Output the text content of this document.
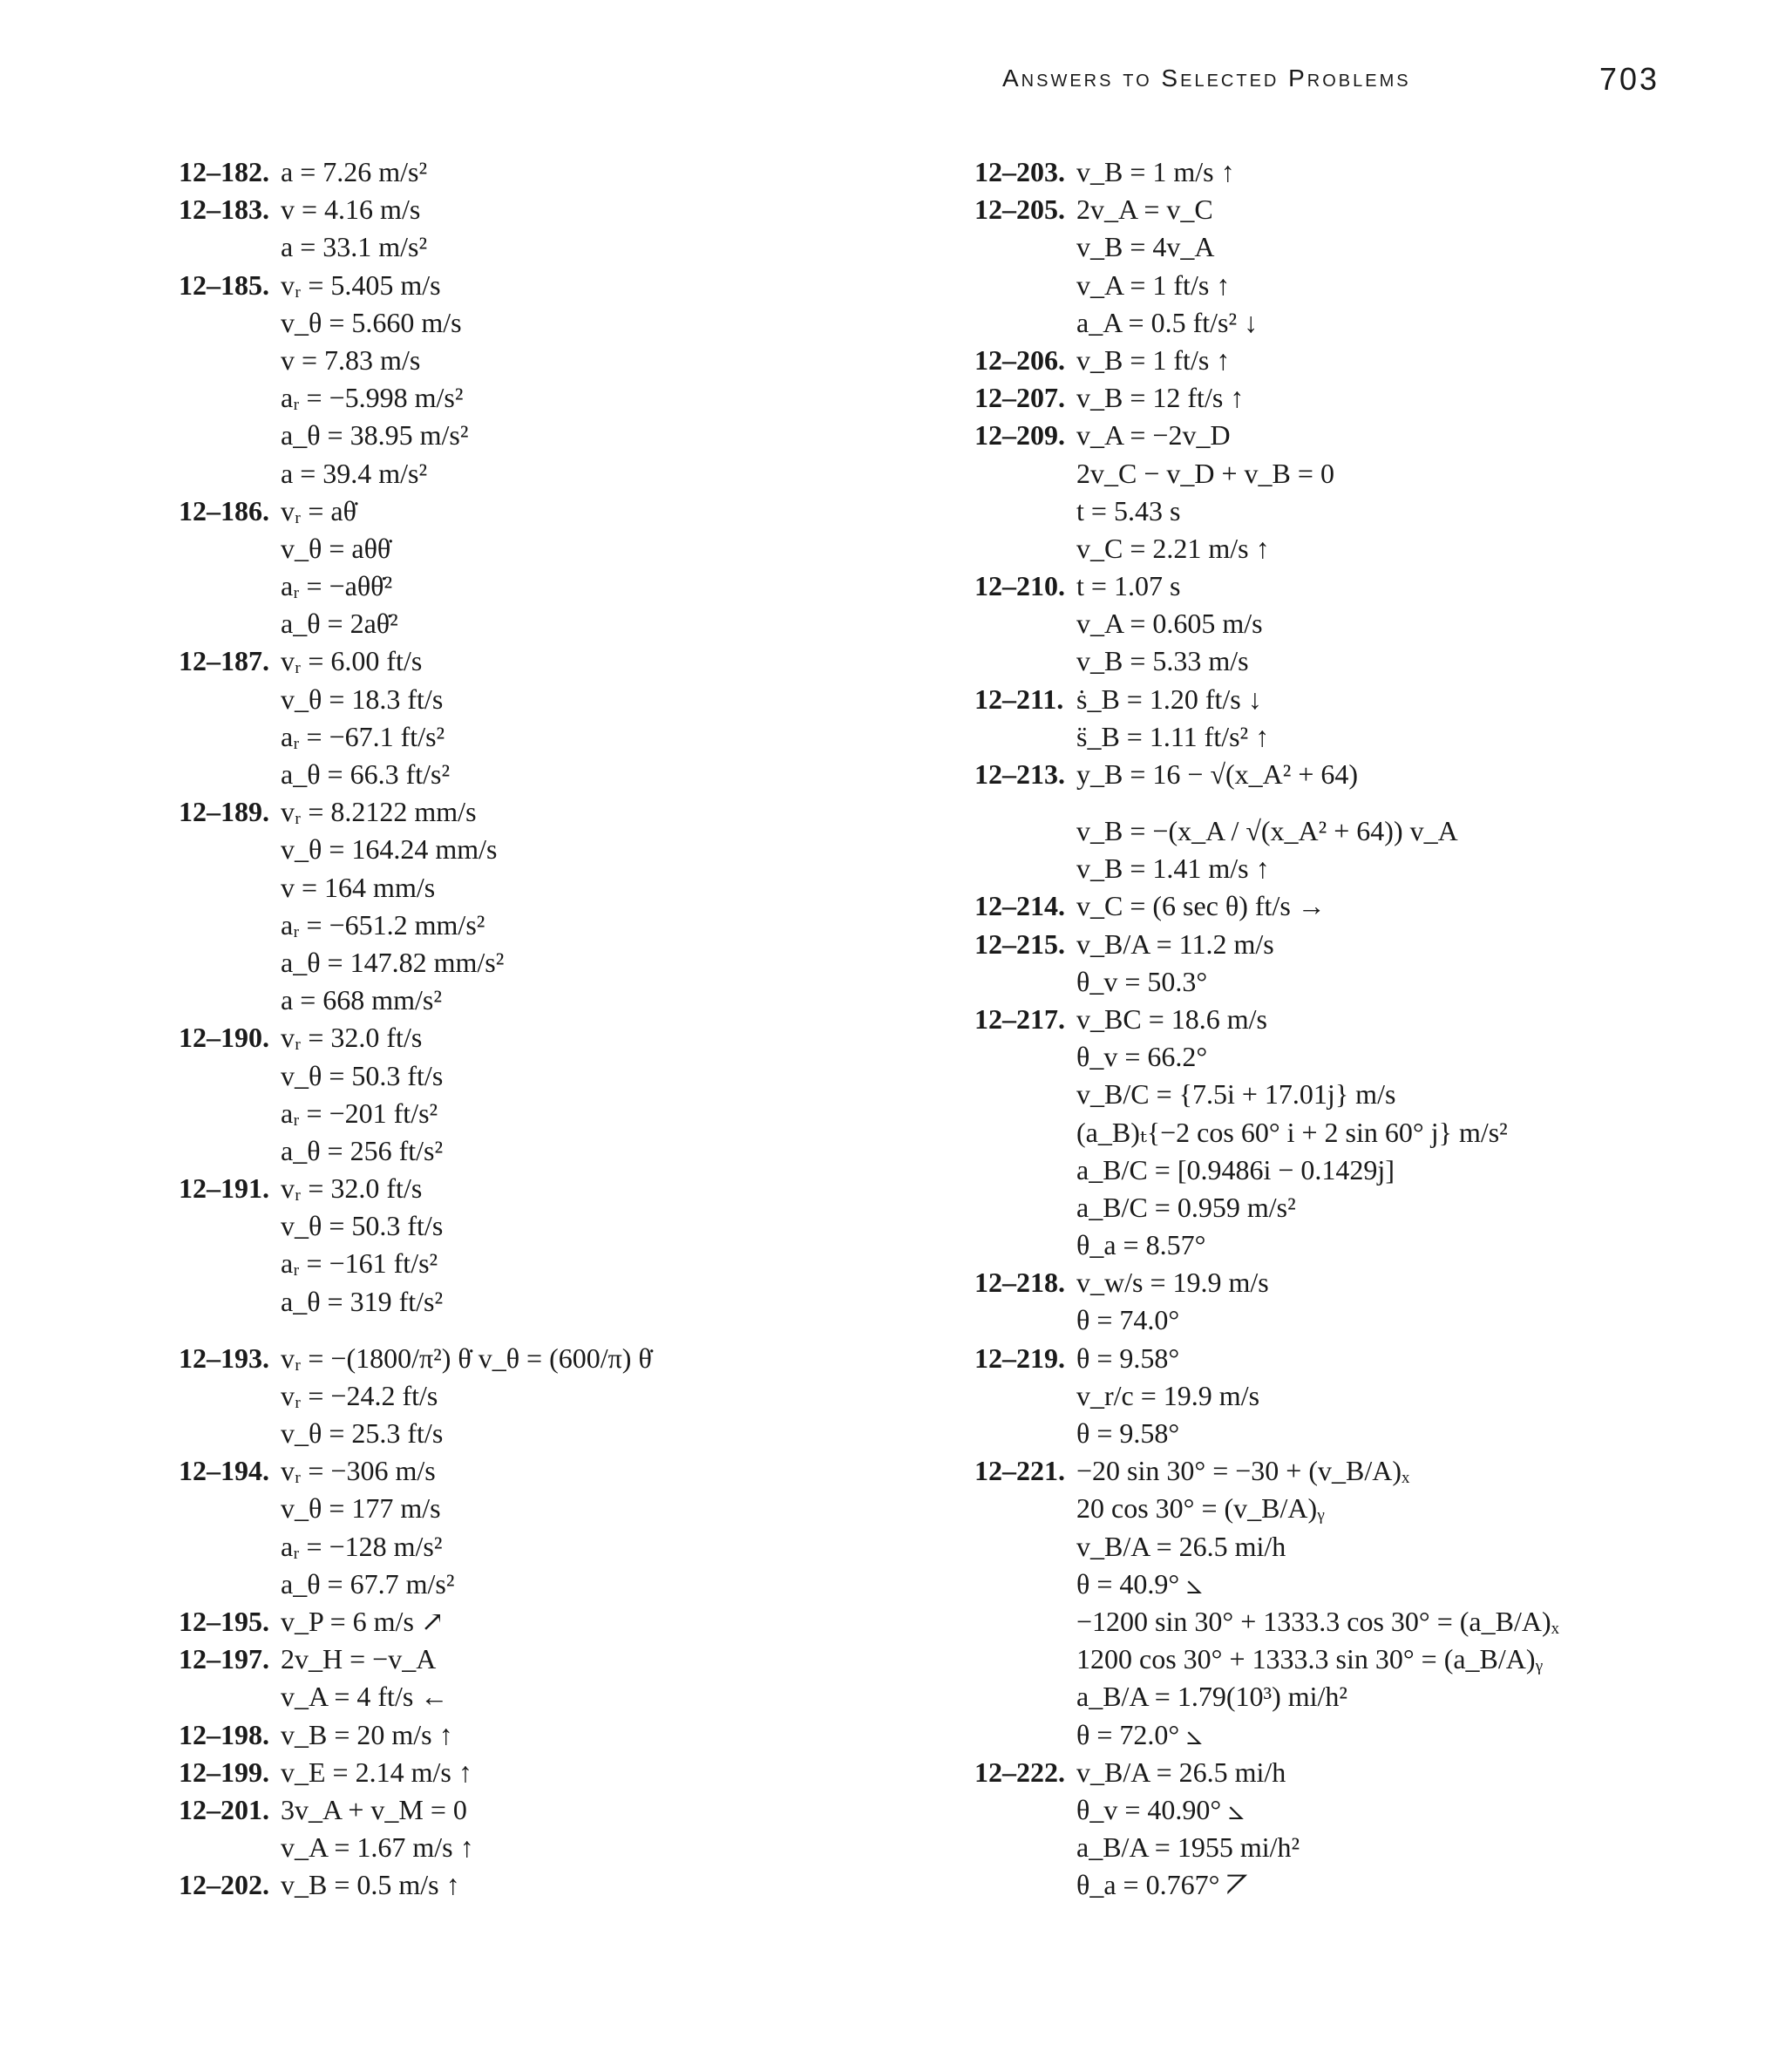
Answers to Selected Problems	703
12–182. a = 7.26 m/s²
12–183. v = 4.16 m/s
a = 33.1 m/s²
12–185. vᵣ = 5.405 m/s
v_θ = 5.660 m/s
v = 7.83 m/s
aᵣ = −5.998 m/s²
a_θ = 38.95 m/s²
a = 39.4 m/s²
12–186. vᵣ = aθ̇
v_θ = aθθ̇
aᵣ = −aθθ̇²
a_θ = 2aθ̇²
12–187. vᵣ = 6.00 ft/s
v_θ = 18.3 ft/s
aᵣ = −67.1 ft/s²
a_θ = 66.3 ft/s²
12–189. vᵣ = 8.2122 mm/s
v_θ = 164.24 mm/s
v = 164 mm/s
aᵣ = −651.2 mm/s²
a_θ = 147.82 mm/s²
a = 668 mm/s²
12–190. vᵣ = 32.0 ft/s
v_θ = 50.3 ft/s
aᵣ = −201 ft/s²
a_θ = 256 ft/s²
12–191. vᵣ = 32.0 ft/s
v_θ = 50.3 ft/s
aᵣ = −161 ft/s²
a_θ = 319 ft/s²
12–193. vᵣ = −(1800/π²) θ̇ v_θ = (600/π) θ̇
vᵣ = −24.2 ft/s
v_θ = 25.3 ft/s
12–194. vᵣ = −306 m/s
v_θ = 177 m/s
aᵣ = −128 m/s²
a_θ = 67.7 m/s²
12–195. v_P = 6 m/s ↗
12–197. 2v_H = −v_A
v_A = 4 ft/s ←
12–198. v_B = 20 m/s ↑
12–199. v_E = 2.14 m/s ↑
12–201. 3v_A + v_M = 0
v_A = 1.67 m/s ↑
12–202. v_B = 0.5 m/s ↑
12–203. v_B = 1 m/s ↑
12–205. 2v_A = v_C
v_B = 4v_A
v_A = 1 ft/s ↑
a_A = 0.5 ft/s² ↓
12–206. v_B = 1 ft/s ↑
12–207. v_B = 12 ft/s ↑
12–209. v_A = −2v_D
2v_C − v_D + v_B = 0
t = 5.43 s
v_C = 2.21 m/s ↑
12–210. t = 1.07 s
v_A = 0.605 m/s
v_B = 5.33 m/s
12–211. ṡ_B = 1.20 ft/s ↓
s̈_B = 1.11 ft/s² ↑
12–213. y_B = 16 − √(x_A² + 64)
v_B = −(x_A / √(x_A² + 64)) v_A
v_B = 1.41 m/s ↑
12–214. v_C = (6 sec θ) ft/s →
12–215. v_B/A = 11.2 m/s
θ_v = 50.3°
12–217. v_BC = 18.6 m/s
θ_v = 66.2°
v_B/C = {7.5i + 17.01j} m/s
(a_B)ₜ{−2 cos 60° i + 2 sin 60° j} m/s²
a_B/C = [0.9486i − 0.1429j]
a_B/C = 0.959 m/s²
θ_a = 8.57°
12–218. v_w/s = 19.9 m/s
θ = 74.0°
12–219. θ = 9.58°
v_r/c = 19.9 m/s
θ = 9.58°
12–221. −20 sin 30° = −30 + (v_B/A)ₓ
20 cos 30° = (v_B/A)ᵧ
v_B/A = 26.5 mi/h
θ = 40.9° ⦣
−1200 sin 30° + 1333.3 cos 30° = (a_B/A)ₓ
1200 cos 30° + 1333.3 sin 30° = (a_B/A)ᵧ
a_B/A = 1.79(10³) mi/h²
θ = 72.0° ⦣
12–222. v_B/A = 26.5 mi/h
θ_v = 40.90° ⦣
a_B/A = 1955 mi/h²
θ_a = 0.767° ⦢
